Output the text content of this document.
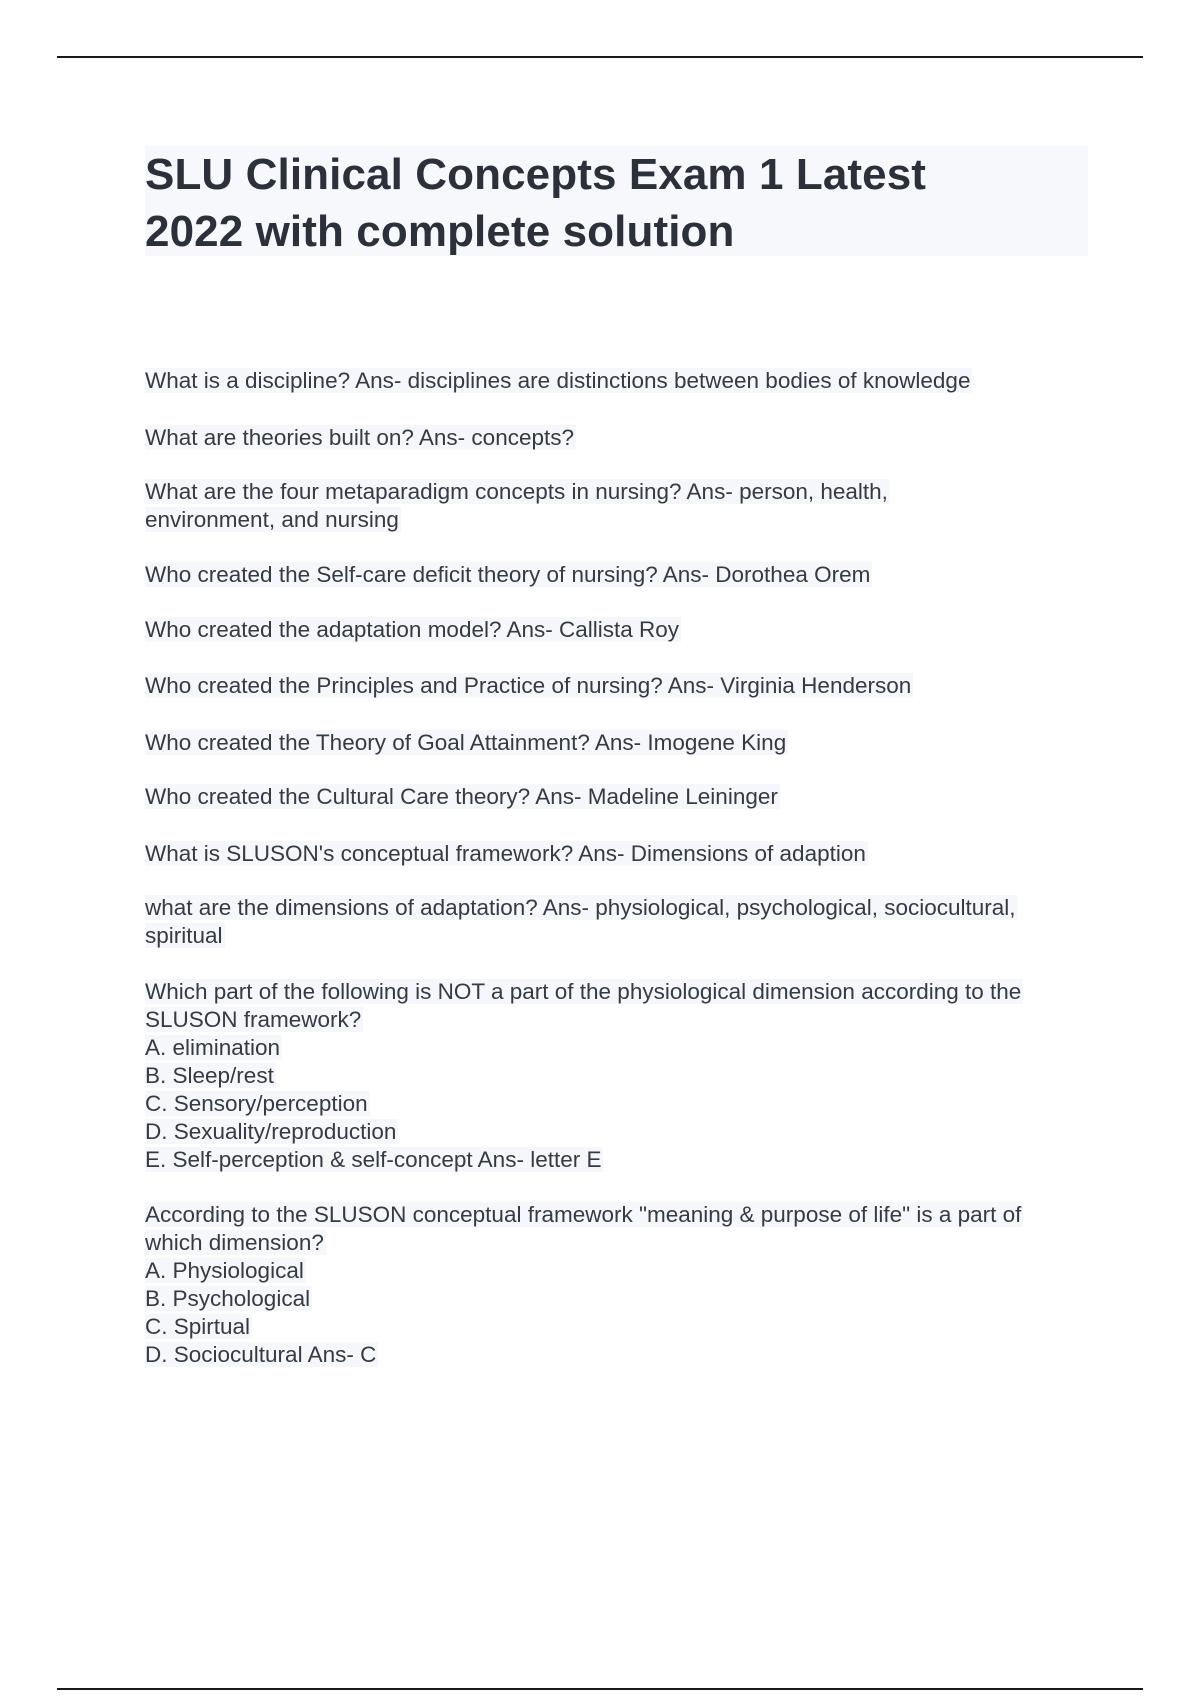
SLU Clinical Concepts Exam 1 Latest
2022 with complete solution
What is a discipline? Ans- disciplines are distinctions between bodies of knowledge
What are theories built on? Ans- concepts?
What are the four metaparadigm concepts in nursing? Ans- person, health,
environment, and nursing
Who created the Self-care deficit theory of nursing? Ans- Dorothea Orem
Who created the adaptation model? Ans- Callista Roy
Who created the Principles and Practice of nursing? Ans- Virginia Henderson
Who created the Theory of Goal Attainment? Ans- Imogene King
Who created the Cultural Care theory? Ans- Madeline Leininger
What is SLUSON's conceptual framework? Ans- Dimensions of adaption
what are the dimensions of adaptation? Ans- physiological, psychological, sociocultural,
spiritual
Which part of the following is NOT a part of the physiological dimension according to the
SLUSON framework?
A. elimination
B. Sleep/rest
C. Sensory/perception
D. Sexuality/reproduction
E. Self-perception & self-concept Ans- letter E
According to the SLUSON conceptual framework "meaning & purpose of life" is a part of
which dimension?
A. Physiological
B. Psychological
C. Spirtual
D. Sociocultural Ans- C
